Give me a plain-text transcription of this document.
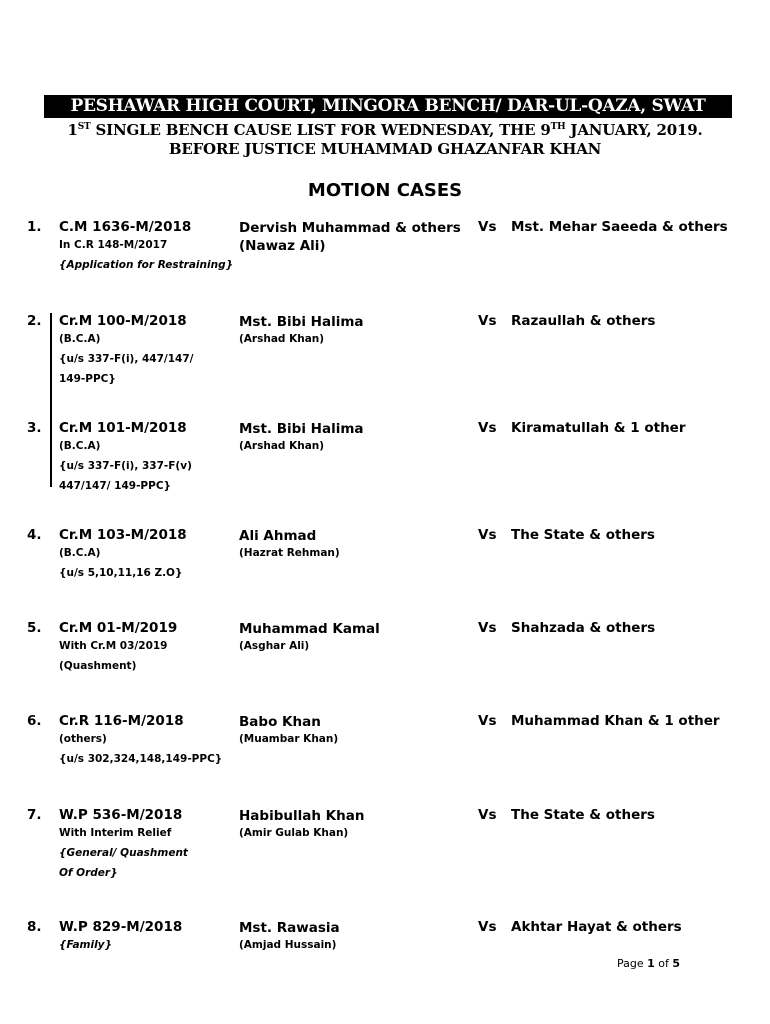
PESHAWAR HIGH COURT, MINGORA BENCH/ DAR-UL-QAZA, SWAT
1ST SINGLE BENCH CAUSE LIST FOR WEDNESDAY, THE 9TH JANUARY, 2019.
BEFORE JUSTICE MUHAMMAD GHAZANFAR KHAN
MOTION CASES
1. C.M 1636-M/2018
In C.R 148-M/2017
{Application for Restraining}
Dervish Muhammad & others
(Nawaz Ali)
Vs Mst. Mehar Saeeda & others
2. Cr.M 100-M/2018
(B.C.A)
{u/s 337-F(i), 447/147/
149-PPC}
Mst. Bibi Halima
(Arshad Khan)
Vs Razaullah & others
3. Cr.M 101-M/2018
(B.C.A)
{u/s 337-F(i), 337-F(v)
447/147/ 149-PPC}
Mst. Bibi Halima
(Arshad Khan)
Vs Kiramatullah & 1 other
4. Cr.M 103-M/2018
(B.C.A)
{u/s 5,10,11,16 Z.O}
Ali Ahmad
(Hazrat Rehman)
Vs The State & others
5. Cr.M 01-M/2019
With Cr.M 03/2019
(Quashment)
Muhammad Kamal
(Asghar Ali)
Vs Shahzada & others
6. Cr.R 116-M/2018
(others)
{u/s 302,324,148,149-PPC}
Babo Khan
(Muambar Khan)
Vs Muhammad Khan & 1 other
7. W.P 536-M/2018
With Interim Relief
{General/ Quashment
Of Order}
Habibullah Khan
(Amir Gulab Khan)
Vs The State & others
8. W.P 829-M/2018
{Family}
Mst. Rawasia
(Amjad Hussain)
Vs Akhtar Hayat & others
Page 1 of 5
